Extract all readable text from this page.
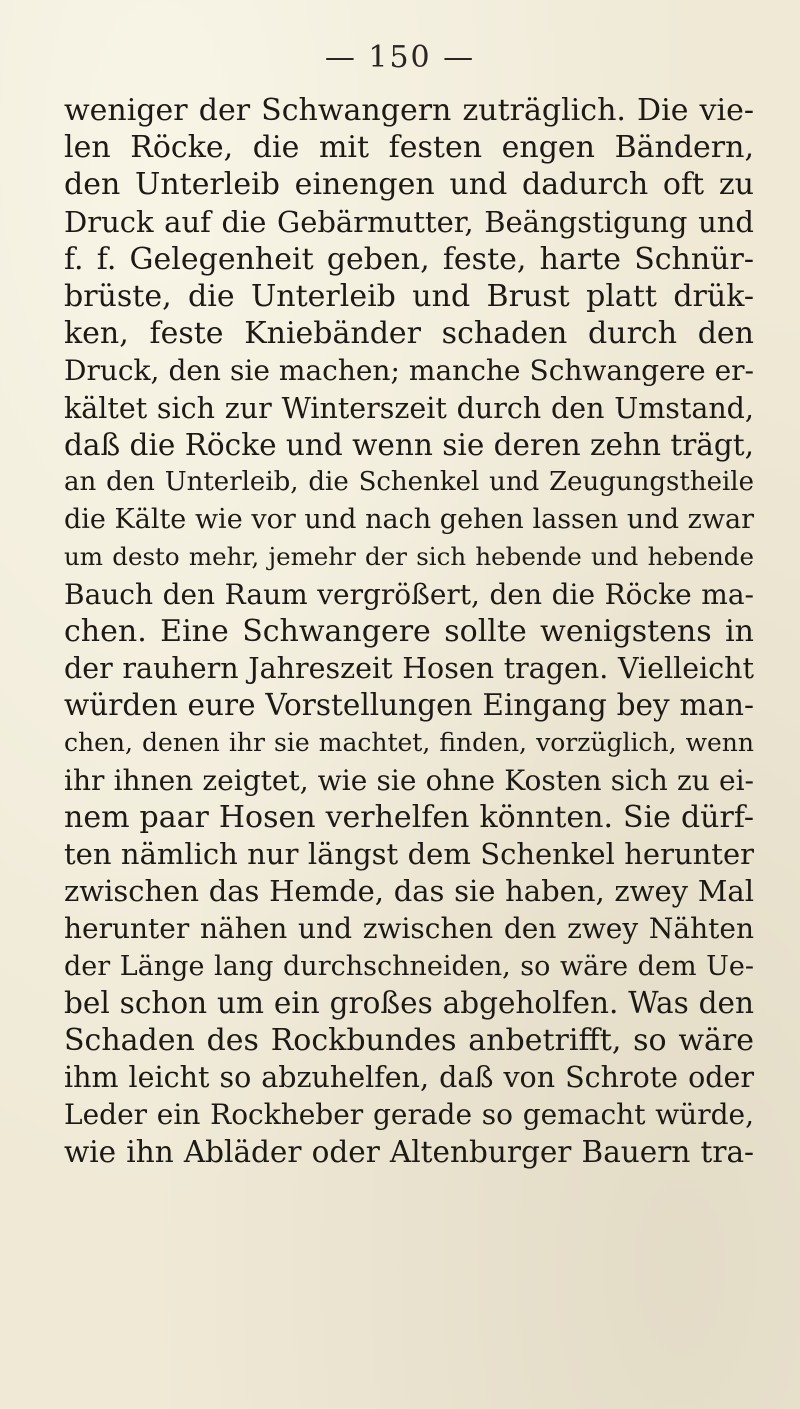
— 150 —
weniger der Schwangern zuträglich. Die vie-
len Röcke, die mit festen engen Bändern,
den Unterleib einengen und dadurch oft zu
Druck auf die Gebärmutter, Beängstigung und
f. f. Gelegenheit geben, feste, harte Schnür-
brüste, die Unterleib und Brust platt drük-
ken, feste Kniebänder schaden durch den
Druck, den sie machen; manche Schwangere er-
kältet sich zur Winterszeit durch den Umstand,
daß die Röcke und wenn sie deren zehn trägt,
an den Unterleib, die Schenkel und Zeugungstheile
die Kälte wie vor und nach gehen lassen und zwar
um desto mehr, jemehr der sich hebende und hebende
Bauch den Raum vergrößert, den die Röcke ma-
chen. Eine Schwangere sollte wenigstens in
der rauhern Jahreszeit Hosen tragen. Vielleicht
würden eure Vorstellungen Eingang bey man-
chen, denen ihr sie machtet, finden, vorzüglich, wenn
ihr ihnen zeigtet, wie sie ohne Kosten sich zu ei-
nem paar Hosen verhelfen könnten. Sie dürf-
ten nämlich nur längst dem Schenkel herunter
zwischen das Hemde, das sie haben, zwey Mal
herunter nähen und zwischen den zwey Nähten
der Länge lang durchschneiden, so wäre dem Ue-
bel schon um ein großes abgeholfen. Was den
Schaden des Rockbundes anbetrifft, so wäre
ihm leicht so abzuhelfen, daß von Schrote oder
Leder ein Rockheber gerade so gemacht würde,
wie ihn Abläder oder Altenburger Bauern tra-
